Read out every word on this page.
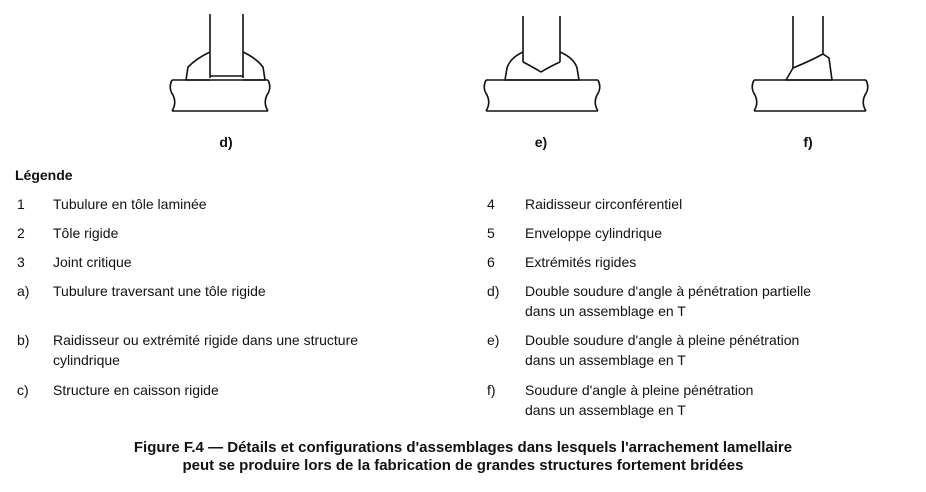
d)	e)	f)
Légende
1 Tubulure en tôle laminée
2 Tôle rigide
3 Joint critique
a) Tubulure traversant une tôle rigide
b) Raidisseur ou extrémité rigide dans une structure
cylindrique
c) Structure en caisson rigide
4 Raidisseur circonférentiel
5 Enveloppe cylindrique
6 Extrémités rigides
d) Double soudure d'angle à pénétration partielle
dans un assemblage en T
e) Double soudure d'angle à pleine pénétration
dans un assemblage en T
f) Soudure d'angle à pleine pénétration
dans un assemblage en T
Figure F.4 — Détails et configurations d'assemblages dans lesquels l'arrachement lamellaire
peut se produire lors de la fabrication de grandes structures fortement bridées
